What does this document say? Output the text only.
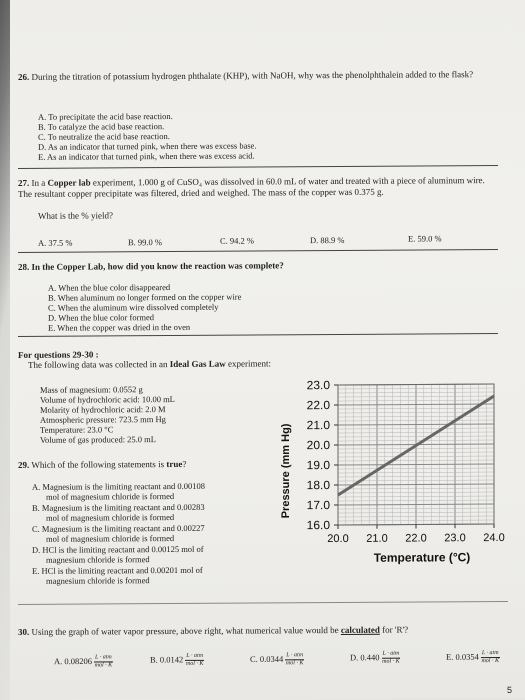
26. During the titration of potassium hydrogen phthalate (KHP), with NaOH, why was the phenolphthalein added to the flask?
A. To precipitate the acid base reaction.
B. To catalyze the acid base reaction.
C. To neutralize the acid base reaction.
D. As an indicator that turned pink, when there was excess base.
E. As an indicator that turned pink, when there was excess acid.
27. In a Copper lab experiment, 1.000 g of CuSO₄ was dissolved in 60.0 mL of water and treated with a piece of aluminum wire. The resultant copper precipitate was filtered, dried and weighed. The mass of the copper was 0.375 g.
What is the % yield?
A. 37.5 %	B. 99.0 %	C. 94.2 %	D. 88.9 %	E. 59.0 %
28. In the Copper Lab, how did you know the reaction was complete?
A. When the blue color disappeared
B. When aluminum no longer formed on the copper wire
C. When the aluminum wire dissolved completely
D. When the blue color formed
E. When the copper was dried in the oven
For questions 29-30 :
The following data was collected in an Ideal Gas Law experiment:
Mass of magnesium: 0.0552 g
Volume of hydrochloric acid: 10.00 mL
Molarity of hydrochloric acid: 2.0 M
Atmospheric pressure: 723.5 mm Hg
Temperature: 23.0 °C
Volume of gas produced: 25.0 mL
29. Which of the following statements is true?
A. Magnesium is the limiting reactant and 0.00108
mol of magnesium chloride is formed
B. Magnesium is the limiting reactant and 0.00283
mol of magnesium chloride is formed
C. Magnesium is the limiting reactant and 0.00227
mol of magnesium chloride is formed
D. HCl is the limiting reactant and 0.00125 mol of
magnesium chloride is formed
E. HCl is the limiting reactant and 0.00201 mol of
magnesium chloride is formed
Pressure (mm Hg)
23.0
22.0
21.0
20.0
19.0
18.0
17.0
16.0
20.0 21.0 22.0 23.0 24.0
Temperature (°C)
30. Using the graph of water vapor pressure, above right, what numerical value would be calculated for 'R'?
A. $0.08206 \frac{\text{L · atm}}{\text{mol · K}}$	B. $0.0142 \frac{\text{L · atm}}{\text{mol · K}}$	C. $0.0344 \frac{\text{L · atm}}{\text{mol · K}}$	D. $0.440 \frac{\text{L · atm}}{\text{mol · K}}$	E. $0.0354 \frac{\text{L · atm}}{\text{mol · K}}$
5
